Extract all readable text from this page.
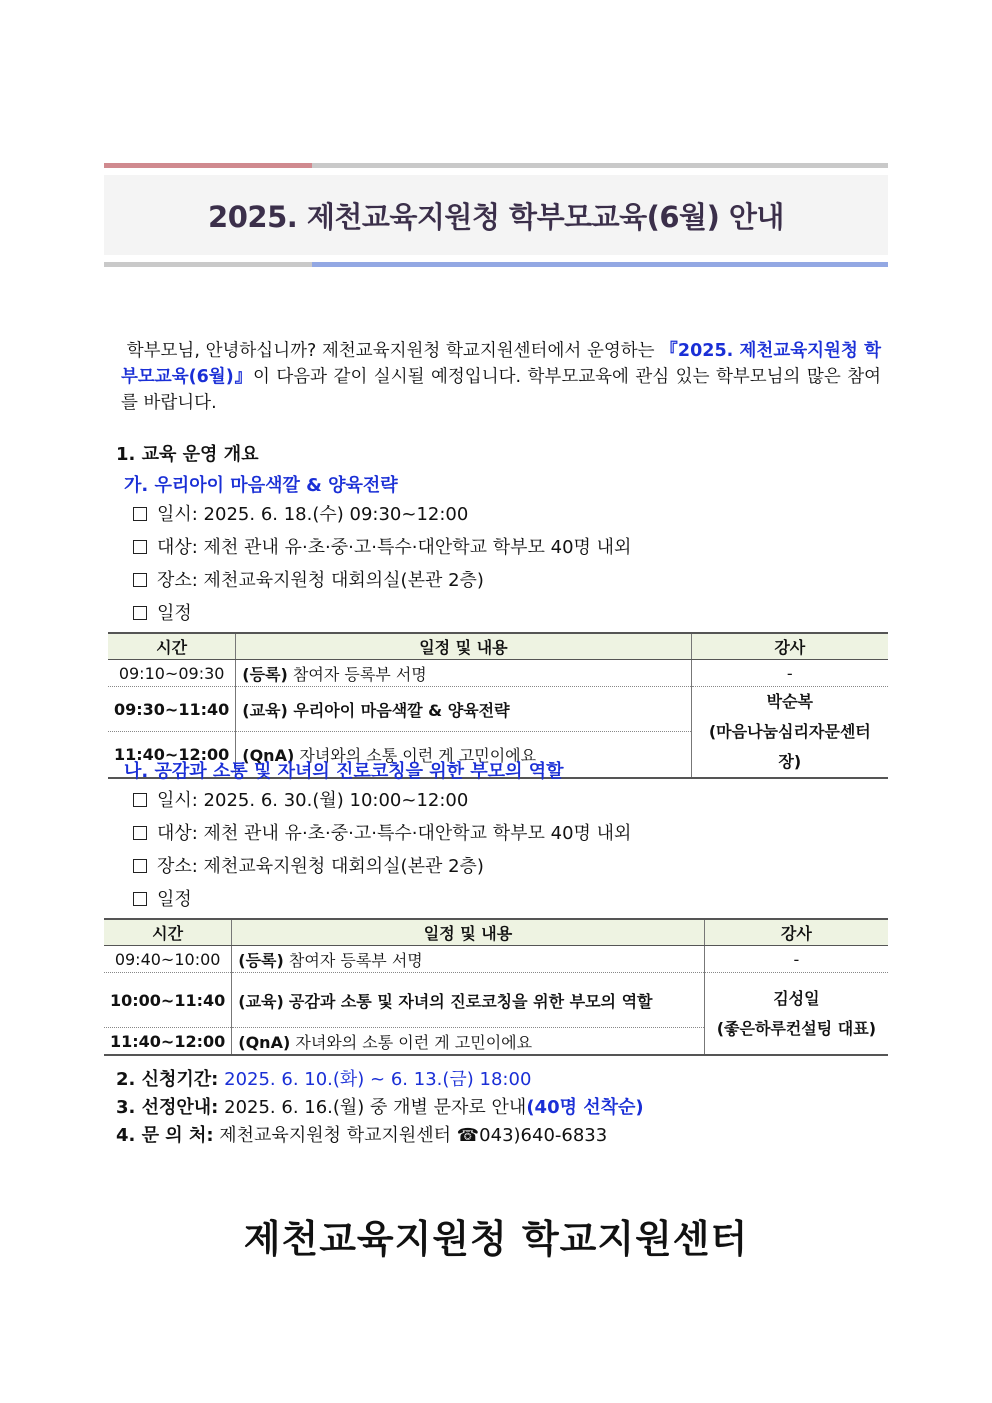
2025. 제천교육지원청 학부모교육(6월) 안내
학부모님, 안녕하십니까? 제천교육지원청 학교지원센터에서 운영하는 『2025. 제천교육지원청 학부모교육(6월)』이 다음과 같이 실시될 예정입니다. 학부모교육에 관심 있는 학부모님의 많은 참여를 바랍니다.
1. 교육 운영 개요
가. 우리아이 마음색깔 & 양육전략
일시: 2025. 6. 18.(수) 09:30~12:00
대상: 제천 관내 유·초·중·고·특수·대안학교 학부모 40명 내외
장소: 제천교육지원청 대회의실(본관 2층)
일정
시간	일정 및 내용	강사
09:10~09:30	(등록) 참여자 등록부 서명	-
09:30~11:40	(교육) 우리아이 마음색깔 & 양육전략	박순복
(마음나눔심리자문센터장)

11:40~12:00	(QnA) 자녀와의 소통 이런 게 고민이에요	
나. 공감과 소통 및 자녀의 진로코칭을 위한 부모의 역할
일시: 2025. 6. 30.(월) 10:00~12:00
대상: 제천 관내 유·초·중·고·특수·대안학교 학부모 40명 내외
장소: 제천교육지원청 대회의실(본관 2층)
일정
시간	일정 및 내용	강사
09:40~10:00	(등록) 참여자 등록부 서명	-
10:00~11:40	(교육) 공감과 소통 및 자녀의 진로코칭을 위한 부모의 역할	김성일
(좋은하루컨설팅 대표)

11:40~12:00	(QnA) 자녀와의 소통 이런 게 고민이에요	
2. 신청기간: 2025. 6. 10.(화) ~ 6. 13.(금) 18:00
3. 선정안내: 2025. 6. 16.(월) 중 개별 문자로 안내(40명 선착순)
4. 문 의 처: 제천교육지원청 학교지원센터 ☎043)640-6833
제천교육지원청 학교지원센터
